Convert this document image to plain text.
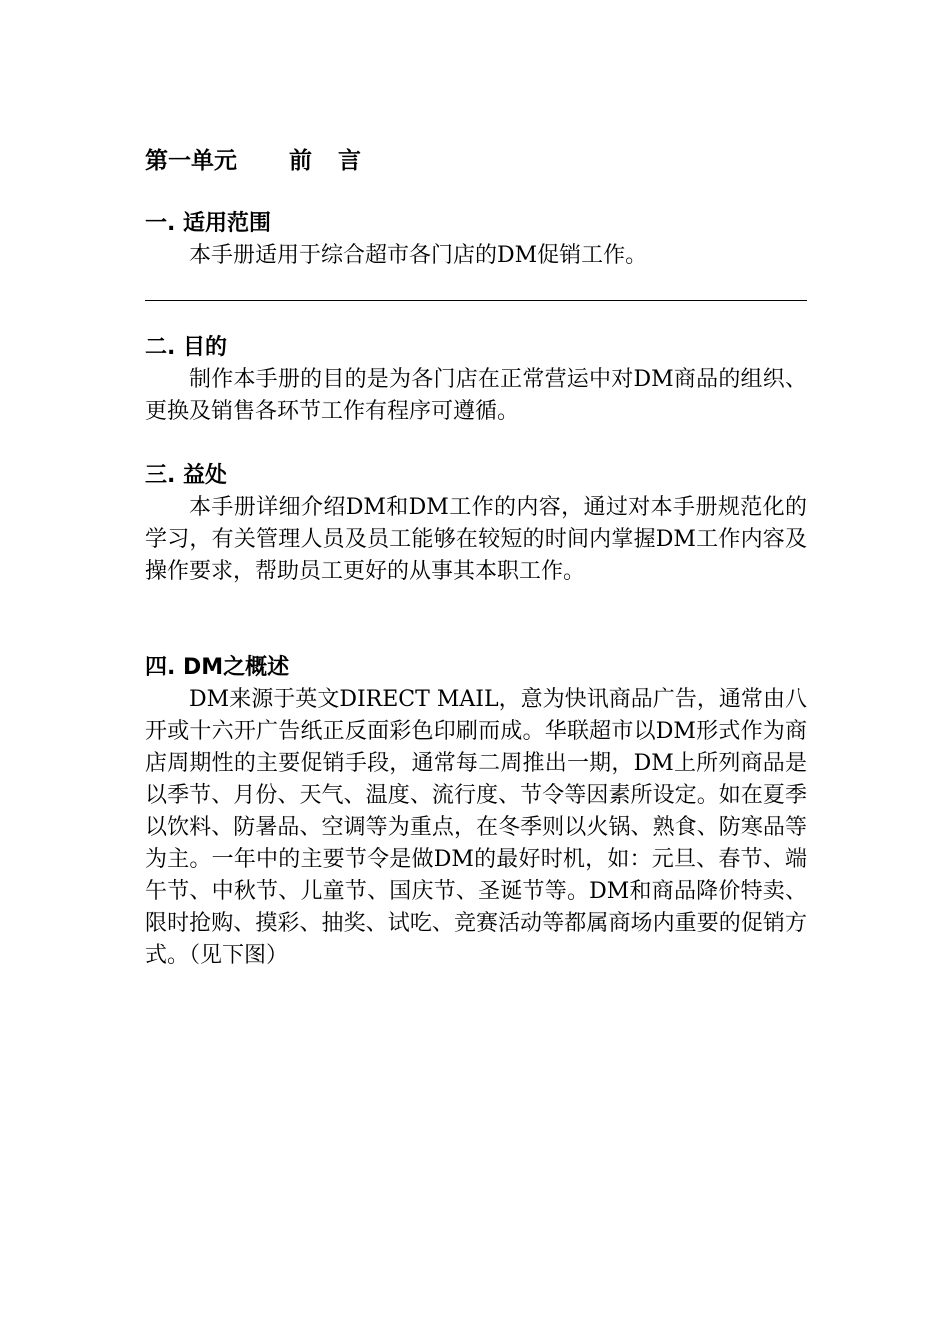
第一单元 前言
一. 适用范围

本手册适用于综合超市各门店的DM促销工作。

二. 目的

制作本手册的目的是为各门店在正常营运中对DM商品的组织、更换及销售各环节工作有程序可遵循。

三. 益处

本手册详细介绍DM和DM工作的内容，通过对本手册规范化的学习，有关管理人员及员工能够在较短的时间内掌握DM工作内容及操作要求，帮助员工更好的从事其本职工作。

四. DM之概述

DM来源于英文DIRECT MAIL，意为快讯商品广告，通常由八开或十六开广告纸正反面彩色印刷而成。华联超市以DM形式作为商店周期性的主要促销手段，通常每二周推出一期，DM上所列商品是以季节、月份、天气、温度、流行度、节令等因素所设定。如在夏季以饮料、防暑品、空调等为重点，在冬季则以火锅、熟食、防寒品等为主。一年中的主要节令是做DM的最好时机，如：元旦、春节、端午节、中秋节、儿童节、国庆节、圣诞节等。DM和商品降价特卖、限时抢购、摸彩、抽奖、试吃、竞赛活动等都属商场内重要的促销方式。（见下图）
